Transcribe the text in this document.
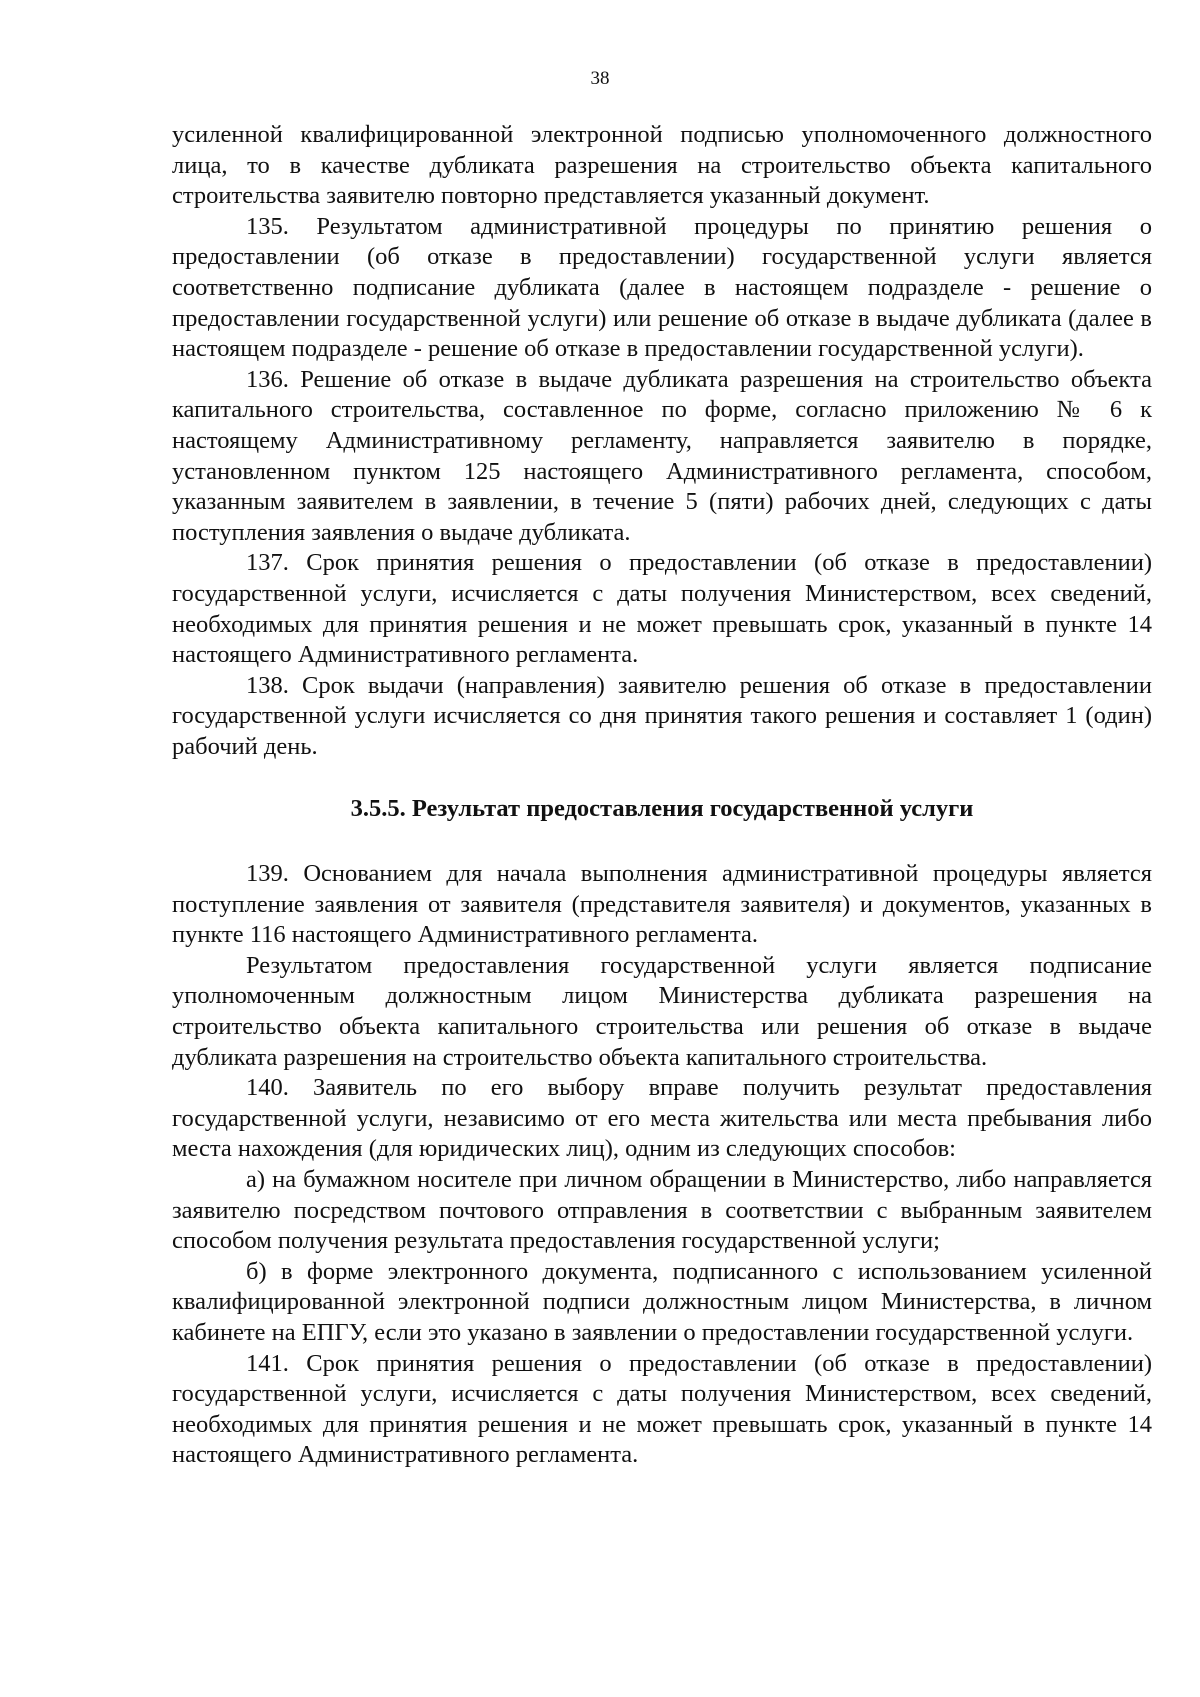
38

усиленной квалифицированной электронной подписью уполномоченного должностного лица, то в качестве дубликата разрешения на строительство объекта капитального строительства заявителю повторно представляется указанный документ.

135. Результатом административной процедуры по принятию решения о предоставлении (об отказе в предоставлении) государственной услуги является соответственно подписание дубликата (далее в настоящем подразделе - решение о предоставлении государственной услуги) или решение об отказе в выдаче дубликата (далее в настоящем подразделе - решение об отказе в предоставлении государственной услуги).

136. Решение об отказе в выдаче дубликата разрешения на строительство объекта капитального строительства, составленное по форме, согласно приложению № 6 к настоящему Административному регламенту, направляется заявителю в порядке, установленном пунктом 125 настоящего Административного регламента, способом, указанным заявителем в заявлении, в течение 5 (пяти) рабочих дней, следующих с даты поступления заявления о выдаче дубликата.

137. Срок принятия решения о предоставлении (об отказе в предоставлении) государственной услуги, исчисляется с даты получения Министерством, всех сведений, необходимых для принятия решения и не может превышать срок, указанный в пункте 14 настоящего Административного регламента.

138. Срок выдачи (направления) заявителю решения об отказе в предоставлении государственной услуги исчисляется со дня принятия такого решения и составляет 1 (один) рабочий день.

3.5.5. Результат предоставления государственной услуги

139. Основанием для начала выполнения административной процедуры является поступление заявления от заявителя (представителя заявителя) и документов, указанных в пункте 116 настоящего Административного регламента.

Результатом предоставления государственной услуги является подписание уполномоченным должностным лицом Министерства дубликата разрешения на строительство объекта капитального строительства или решения об отказе в выдаче дубликата разрешения на строительство объекта капитального строительства.

140. Заявитель по его выбору вправе получить результат предоставления государственной услуги, независимо от его места жительства или места пребывания либо места нахождения (для юридических лиц), одним из следующих способов:

а) на бумажном носителе при личном обращении в Министерство, либо направляется заявителю посредством почтового отправления в соответствии с выбранным заявителем способом получения результата предоставления государственной услуги;

б) в форме электронного документа, подписанного с использованием усиленной квалифицированной электронной подписи должностным лицом Министерства, в личном кабинете на ЕПГУ, если это указано в заявлении о предоставлении государственной услуги.

141. Срок принятия решения о предоставлении (об отказе в предоставлении) государственной услуги, исчисляется с даты получения Министерством, всех сведений, необходимых для принятия решения и не может превышать срок, указанный в пункте 14 настоящего Административного регламента.
